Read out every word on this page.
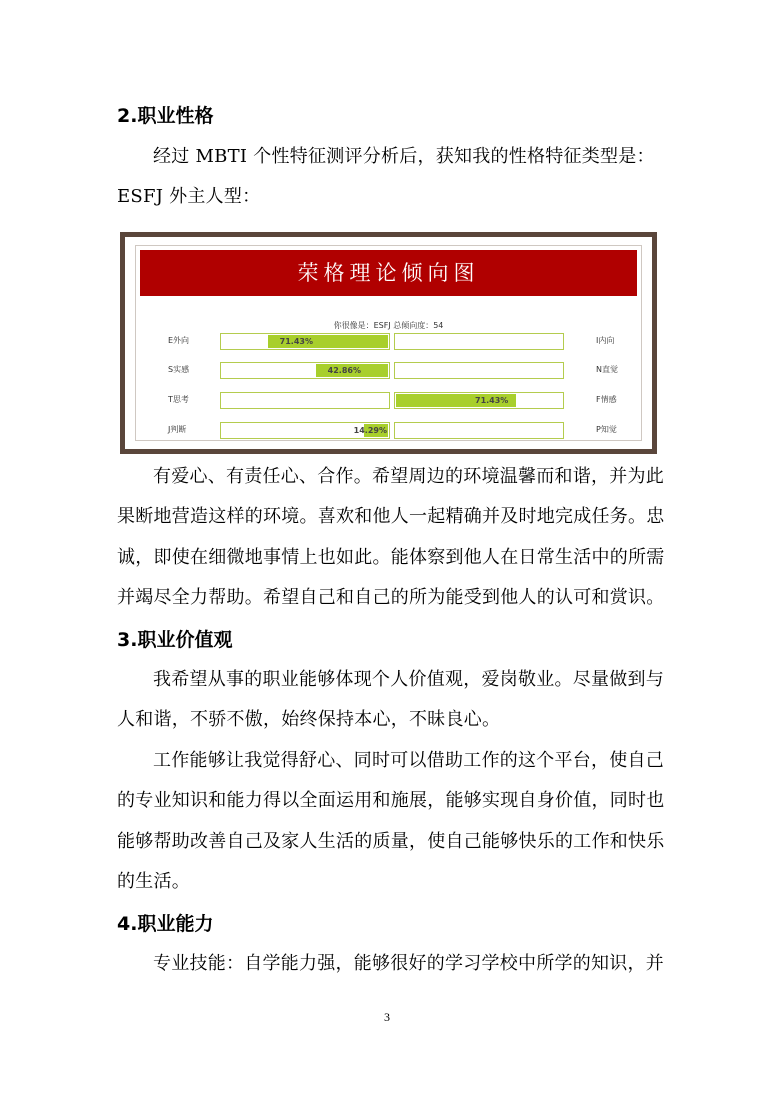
2.职业性格
经过 MBTI 个性特征测评分析后，获知我的性格特征类型是：
ESFJ 外主人型：
荣格理论倾向图
你很像是：ESFJ 总倾向度：54
E外向	71.43%	I内向
S实感	42.86%	N直觉
T思考	71.43%	F情感
J判断	14.29%	P知觉
有爱心、有责任心、合作。希望周边的环境温馨而和谐，并为此
果断地营造这样的环境。喜欢和他人一起精确并及时地完成任务。忠
诚，即使在细微地事情上也如此。能体察到他人在日常生活中的所需
并竭尽全力帮助。希望自己和自己的所为能受到他人的认可和赏识。
3.职业价值观
我希望从事的职业能够体现个人价值观，爱岗敬业。尽量做到与
人和谐，不骄不傲，始终保持本心，不昧良心。
工作能够让我觉得舒心、同时可以借助工作的这个平台，使自己
的专业知识和能力得以全面运用和施展，能够实现自身价值，同时也
能够帮助改善自己及家人生活的质量，使自己能够快乐的工作和快乐
的生活。
4.职业能力
专业技能：自学能力强，能够很好的学习学校中所学的知识，并
3
